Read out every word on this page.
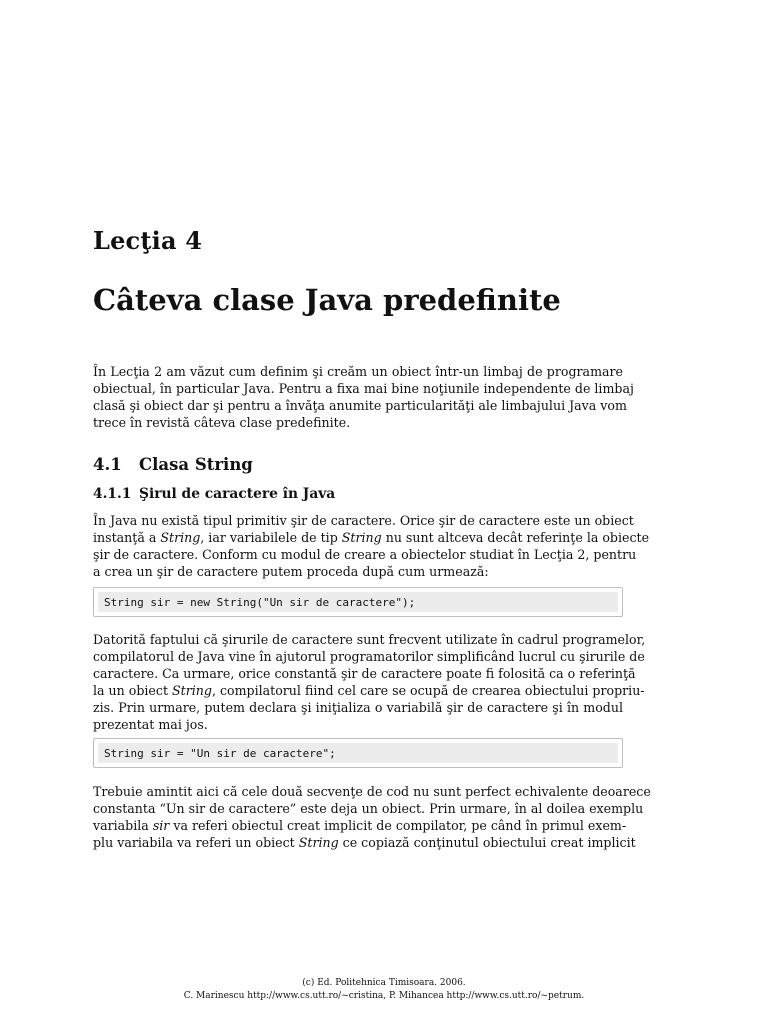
Lecţia 4
Câteva clase Java predefinite
În Lecţia 2 am văzut cum definim şi creăm un obiect într-un limbaj de programare
obiectual, în particular Java. Pentru a fixa mai bine noţiunile independente de limbaj
clasă şi obiect dar şi pentru a învăţa anumite particularităţi ale limbajului Java vom
trece în revistă câteva clase predefinite.
4.1 Clasa String
4.1.1 Şirul de caractere în Java
În Java nu există tipul primitiv şir de caractere. Orice şir de caractere este un obiect
instanţă a String, iar variabilele de tip String nu sunt altceva decât referinţe la obiecte
şir de caractere. Conform cu modul de creare a obiectelor studiat în Lecţia 2, pentru
a crea un şir de caractere putem proceda după cum urmează:
String sir = new String("Un sir de caractere");
Datorită faptului că şirurile de caractere sunt frecvent utilizate în cadrul programelor,
compilatorul de Java vine în ajutorul programatorilor simplificând lucrul cu şirurile de
caractere. Ca urmare, orice constantă şir de caractere poate fi folosită ca o referinţă
la un obiect String, compilatorul fiind cel care se ocupă de crearea obiectului propriu-
zis. Prin urmare, putem declara şi iniţializa o variabilă şir de caractere şi în modul
prezentat mai jos.
String sir = "Un sir de caractere";
Trebuie amintit aici că cele două secvenţe de cod nu sunt perfect echivalente deoarece
constanta “Un sir de caractere” este deja un obiect. Prin urmare, în al doilea exemplu
variabila sir va referi obiectul creat implicit de compilator, pe când în primul exem-
plu variabila va referi un obiect String ce copiază conţinutul obiectului creat implicit
(c) Ed. Politehnica Timisoara. 2006.
C. Marinescu http://www.cs.utt.ro/~cristina, P. Mihancea http://www.cs.utt.ro/~petrum.
